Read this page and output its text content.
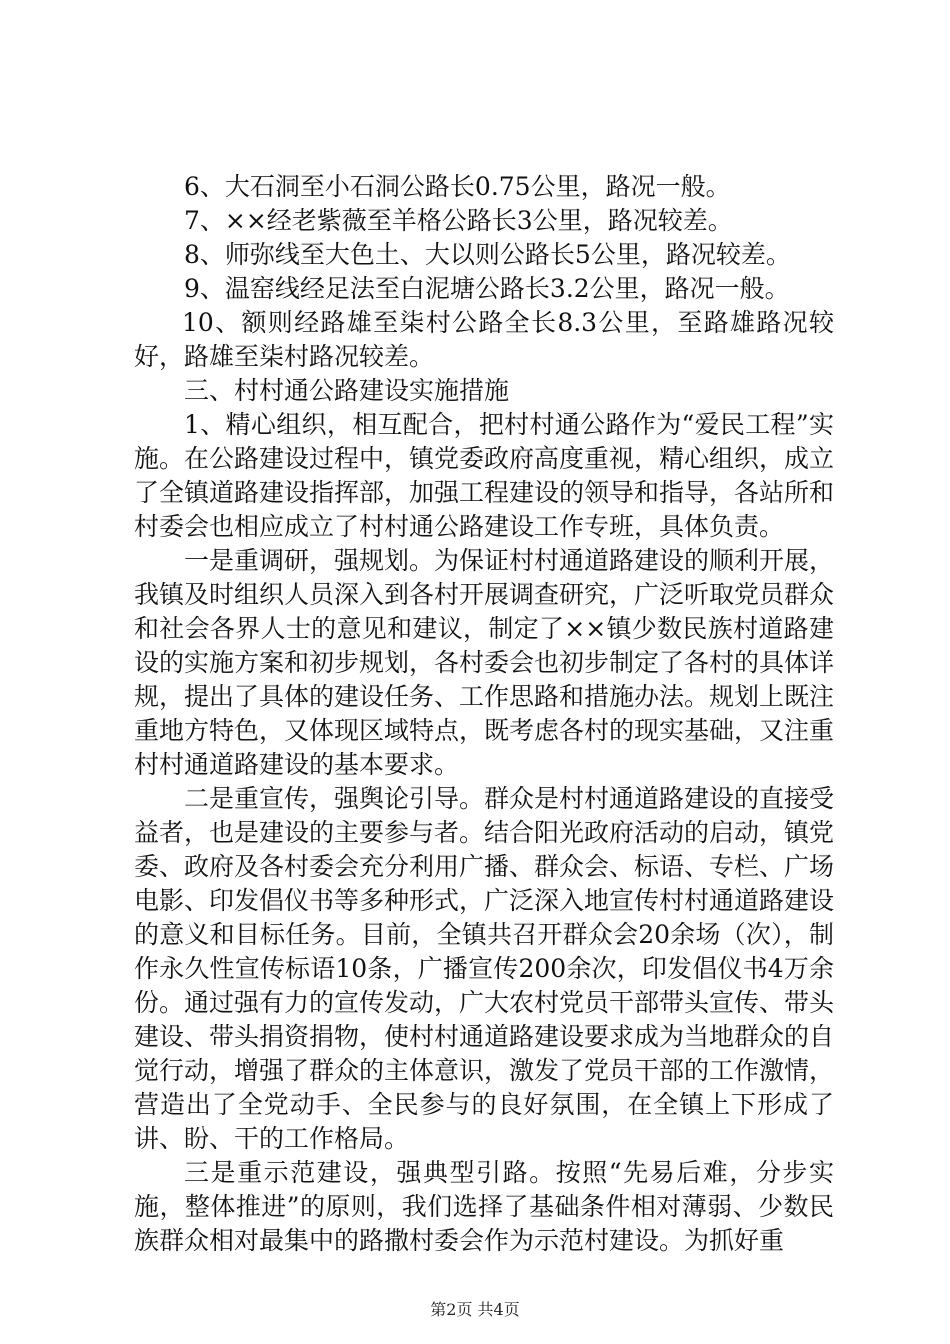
6、大石洞至小石洞公路长0.75公里，路况一般。

7、××经老紫薇至羊格公路长3公里，路况较差。

8、师弥线至大色土、大以则公路长5公里，路况较差。

9、温窑线经足法至白泥塘公路长3.2公里，路况一般。

10、额则经路雄至柒村公路全长8.3公里，至路雄路况较好，路雄至柒村路况较差。

三、村村通公路建设实施措施

1、精心组织，相互配合，把村村通公路作为“爱民工程”实施。在公路建设过程中，镇党委政府高度重视，精心组织，成立了全镇道路建设指挥部，加强工程建设的领导和指导，各站所和村委会也相应成立了村村通公路建设工作专班，具体负责。

一是重调研，强规划。为保证村村通道路建设的顺利开展，我镇及时组织人员深入到各村开展调查研究，广泛听取党员群众和社会各界人士的意见和建议，制定了××镇少数民族村道路建设的实施方案和初步规划，各村委会也初步制定了各村的具体详规，提出了具体的建设任务、工作思路和措施办法。规划上既注重地方特色，又体现区域特点，既考虑各村的现实基础，又注重村村通道路建设的基本要求。

二是重宣传，强舆论引导。群众是村村通道路建设的直接受益者，也是建设的主要参与者。结合阳光政府活动的启动，镇党委、政府及各村委会充分利用广播、群众会、标语、专栏、广场电影、印发倡仪书等多种形式，广泛深入地宣传村村通道路建设的意义和目标任务。目前，全镇共召开群众会20余场（次），制作永久性宣传标语10条，广播宣传200余次，印发倡仪书4万余份。通过强有力的宣传发动，广大农村党员干部带头宣传、带头建设、带头捐资捐物，使村村通道路建设要求成为当地群众的自觉行动，增强了群众的主体意识，激发了党员干部的工作激情，营造出了全党动手、全民参与的良好氛围，在全镇上下形成了讲、盼、干的工作格局。

三是重示范建设，强典型引路。按照“先易后难，分步实施，整体推进”的原则，我们选择了基础条件相对薄弱、少数民族群众相对最集中的路撒村委会作为示范村建设。为抓好重

第2页 共4页
